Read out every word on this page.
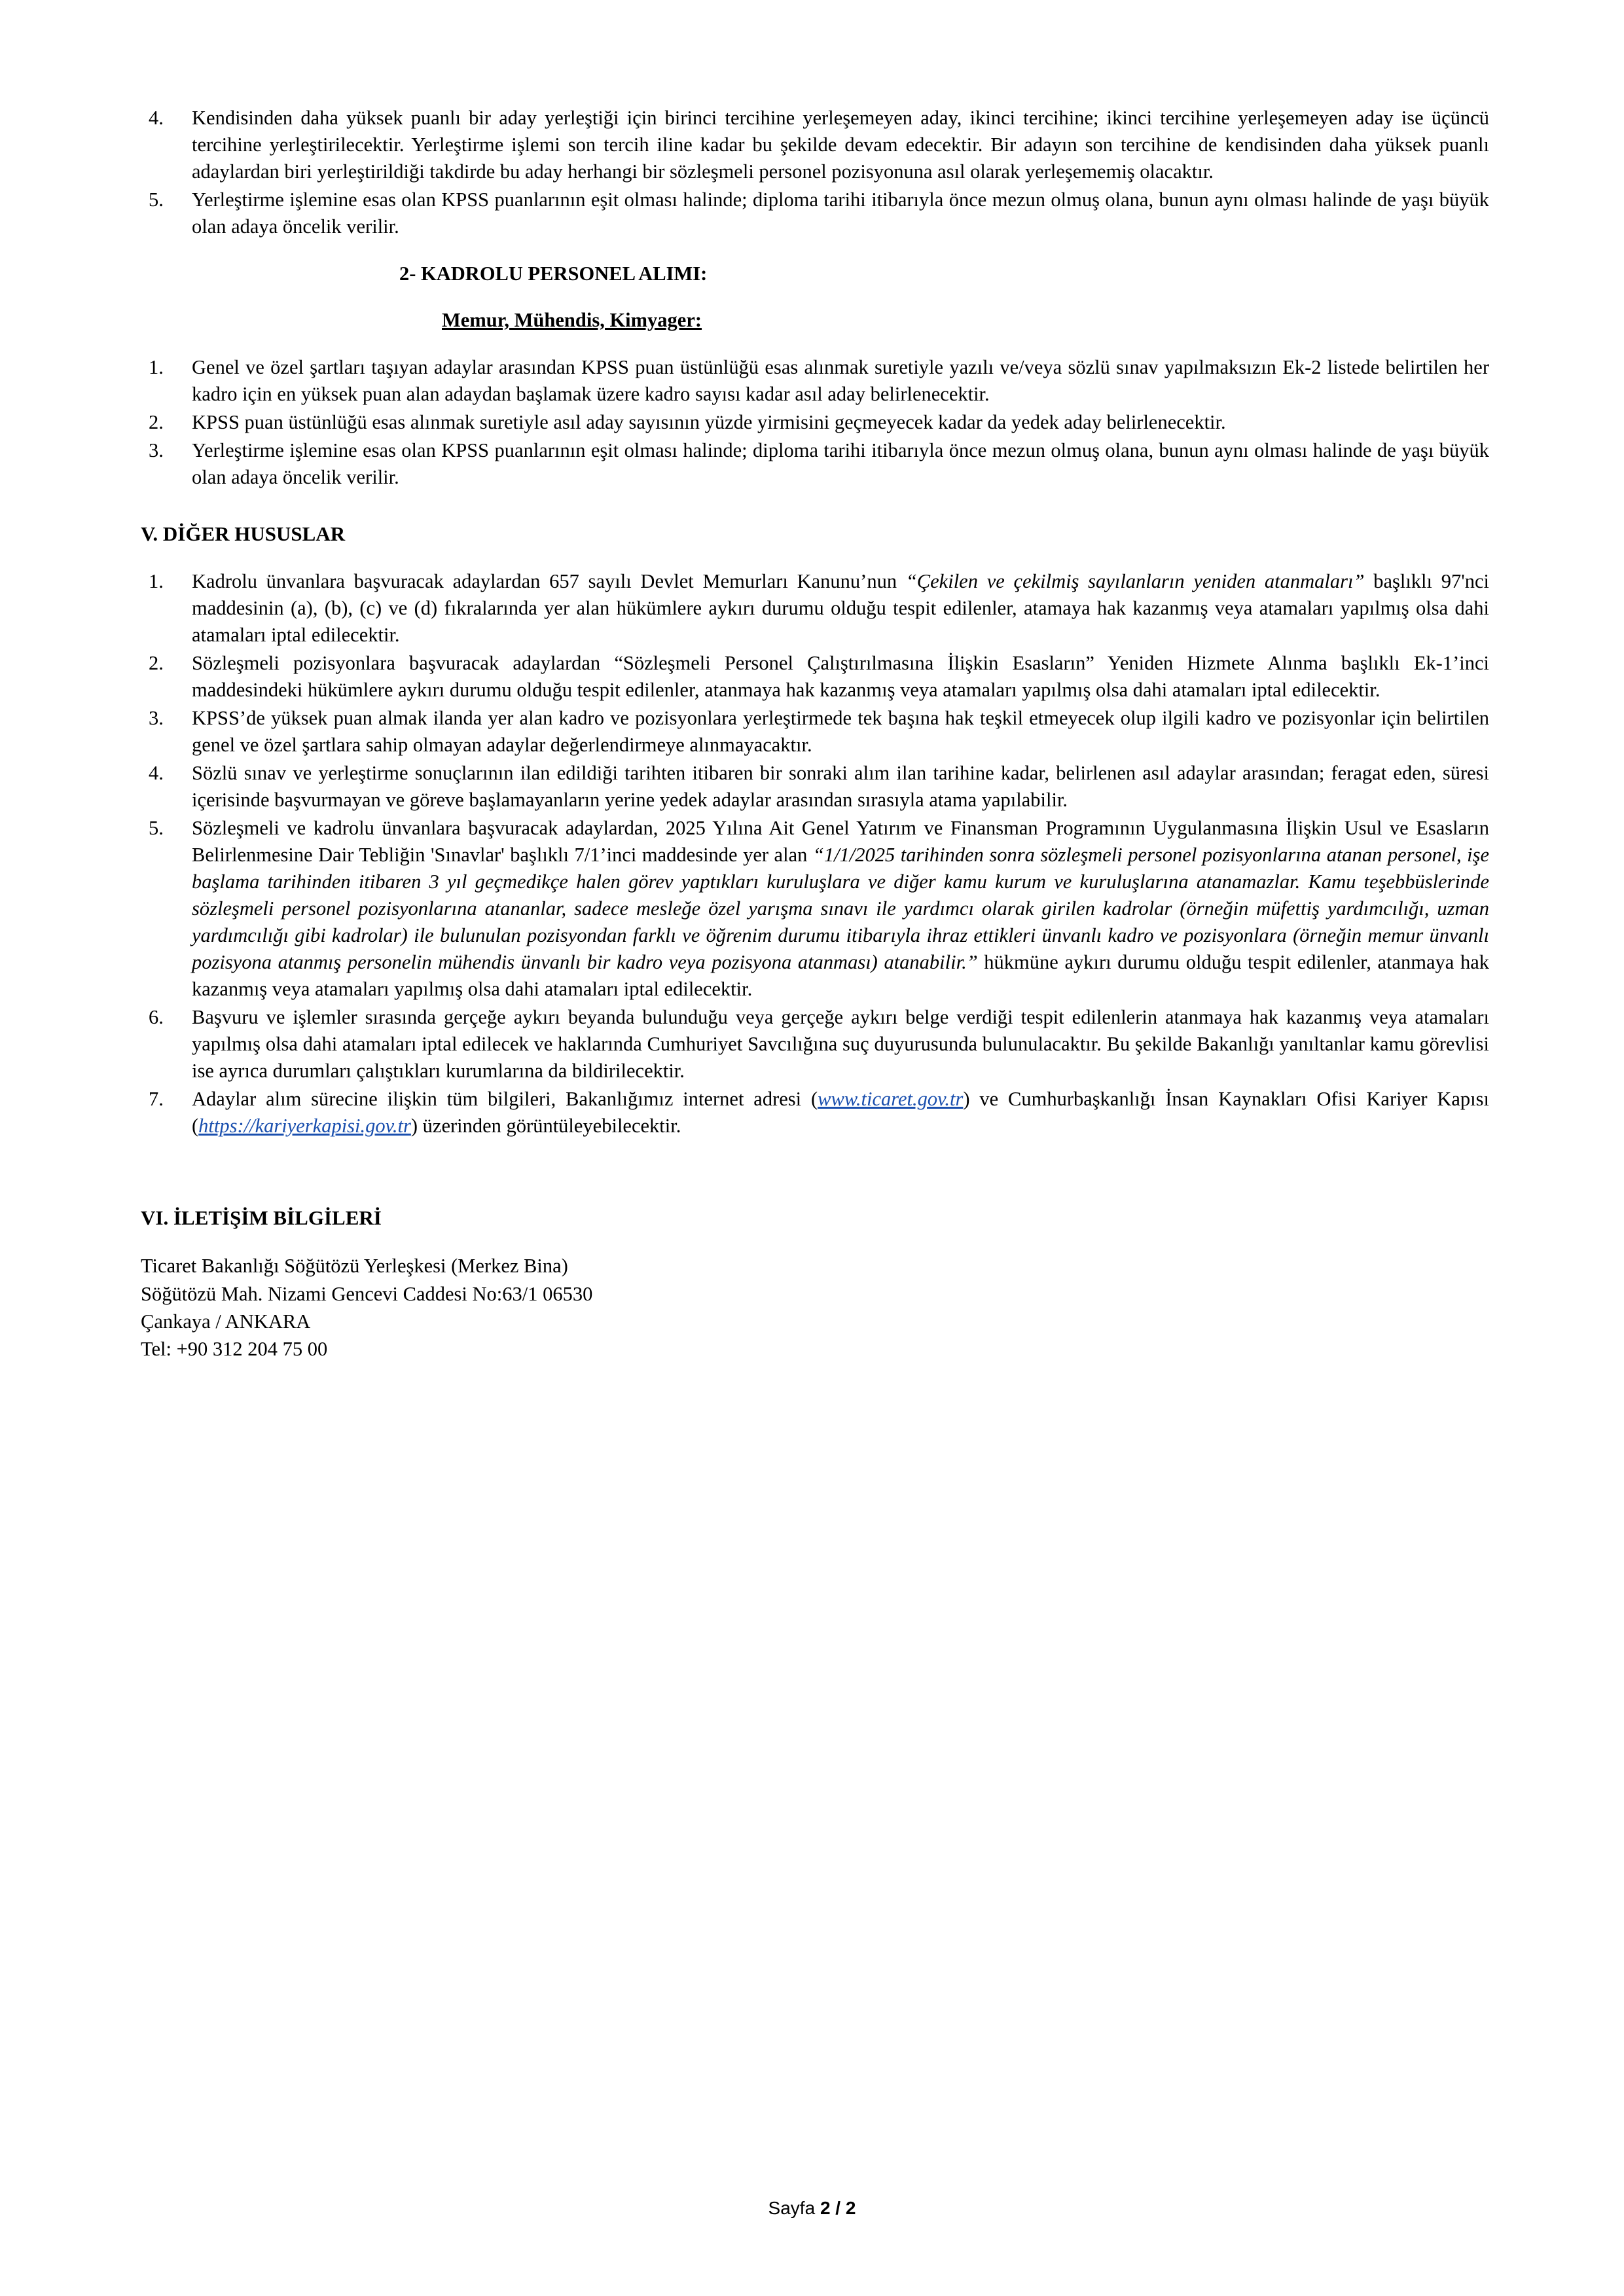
4.	Kendisinden daha yüksek puanlı bir aday yerleştiği için birinci tercihine yerleşemeyen aday, ikinci tercihine; ikinci tercihine yerleşemeyen aday ise üçüncü tercihine yerleştirilecektir. Yerleştirme işlemi son tercih iline kadar bu şekilde devam edecektir. Bir adayın son tercihine de kendisinden daha yüksek puanlı adaylardan biri yerleştirildiği takdirde bu aday herhangi bir sözleşmeli personel pozisyonuna asıl olarak yerleşememiş olacaktır.
5.	Yerleştirme işlemine esas olan KPSS puanlarının eşit olması halinde; diploma tarihi itibarıyla önce mezun olmuş olana, bunun aynı olması halinde de yaşı büyük olan adaya öncelik verilir.
2- KADROLU PERSONEL ALIMI:
Memur, Mühendis, Kimyager:
1.	Genel ve özel şartları taşıyan adaylar arasından KPSS puan üstünlüğü esas alınmak suretiyle yazılı ve/veya sözlü sınav yapılmaksızın Ek-2 listede belirtilen her kadro için en yüksek puan alan adaydan başlamak üzere kadro sayısı kadar asıl aday belirlenecektir.
2.	KPSS puan üstünlüğü esas alınmak suretiyle asıl aday sayısının yüzde yirmisini geçmeyecek kadar da yedek aday belirlenecektir.
3.	Yerleştirme işlemine esas olan KPSS puanlarının eşit olması halinde; diploma tarihi itibarıyla önce mezun olmuş olana, bunun aynı olması halinde de yaşı büyük olan adaya öncelik verilir.
V. DİĞER HUSUSLAR
1.	Kadrolu ünvanlara başvuracak adaylardan 657 sayılı Devlet Memurları Kanunu’nun “Çekilen ve çekilmiş sayılanların yeniden atanmaları” başlıklı 97'nci maddesinin (a), (b), (c) ve (d) fıkralarında yer alan hükümlere aykırı durumu olduğu tespit edilenler, atamaya hak kazanmış veya atamaları yapılmış olsa dahi atamaları iptal edilecektir.
2.	Sözleşmeli pozisyonlara başvuracak adaylardan “Sözleşmeli Personel Çalıştırılmasına İlişkin Esasların” Yeniden Hizmete Alınma başlıklı Ek-1’inci maddesindeki hükümlere aykırı durumu olduğu tespit edilenler, atanmaya hak kazanmış veya atamaları yapılmış olsa dahi atamaları iptal edilecektir.
3.	KPSS’de yüksek puan almak ilanda yer alan kadro ve pozisyonlara yerleştirmede tek başına hak teşkil etmeyecek olup ilgili kadro ve pozisyonlar için belirtilen genel ve özel şartlara sahip olmayan adaylar değerlendirmeye alınmayacaktır.
4.	Sözlü sınav ve yerleştirme sonuçlarının ilan edildiği tarihten itibaren bir sonraki alım ilan tarihine kadar, belirlenen asıl adaylar arasından; feragat eden, süresi içerisinde başvurmayan ve göreve başlamayanların yerine yedek adaylar arasından sırasıyla atama yapılabilir.
5.	Sözleşmeli ve kadrolu ünvanlara başvuracak adaylardan, 2025 Yılına Ait Genel Yatırım ve Finansman Programının Uygulanmasına İlişkin Usul ve Esasların Belirlenmesine Dair Tebliğin 'Sınavlar' başlıklı 7/1’inci maddesinde yer alan “1/1/2025 tarihinden sonra sözleşmeli personel pozisyonlarına atanan personel, işe başlama tarihinden itibaren 3 yıl geçmedikçe halen görev yaptıkları kuruluşlara ve diğer kamu kurum ve kuruluşlarına atanamazlar. Kamu teşebbüslerinde sözleşmeli personel pozisyonlarına atananlar, sadece mesleğe özel yarışma sınavı ile yardımcı olarak girilen kadrolar (örneğin müfettiş yardımcılığı, uzman yardımcılığı gibi kadrolar) ile bulunulan pozisyondan farklı ve öğrenim durumu itibarıyla ihraz ettikleri ünvanlı kadro ve pozisyonlara (örneğin memur ünvanlı pozisyona atanmış personelin mühendis ünvanlı bir kadro veya pozisyona atanması) atanabilir.” hükmüne aykırı durumu olduğu tespit edilenler, atanmaya hak kazanmış veya atamaları yapılmış olsa dahi atamaları iptal edilecektir.
6.	Başvuru ve işlemler sırasında gerçeğe aykırı beyanda bulunduğu veya gerçeğe aykırı belge verdiği tespit edilenlerin atanmaya hak kazanmış veya atamaları yapılmış olsa dahi atamaları iptal edilecek ve haklarında Cumhuriyet Savcılığına suç duyurusunda bulunulacaktır. Bu şekilde Bakanlığı yanıltanlar kamu görevlisi ise ayrıca durumları çalıştıkları kurumlarına da bildirilecektir.
7.	Adaylar alım sürecine ilişkin tüm bilgileri, Bakanlığımız internet adresi (www.ticaret.gov.tr) ve Cumhurbaşkanlığı İnsan Kaynakları Ofisi Kariyer Kapısı (https://kariyerkapisi.gov.tr) üzerinden görüntüleyebilecektir.
VI. İLETİŞİM BİLGİLERİ
Ticaret Bakanlığı Söğütözü Yerleşkesi (Merkez Bina)
Söğütözü Mah. Nizami Gencevi Caddesi No:63/1 06530
Çankaya / ANKARA
Tel: +90 312 204 75 00
Sayfa 2 / 2
